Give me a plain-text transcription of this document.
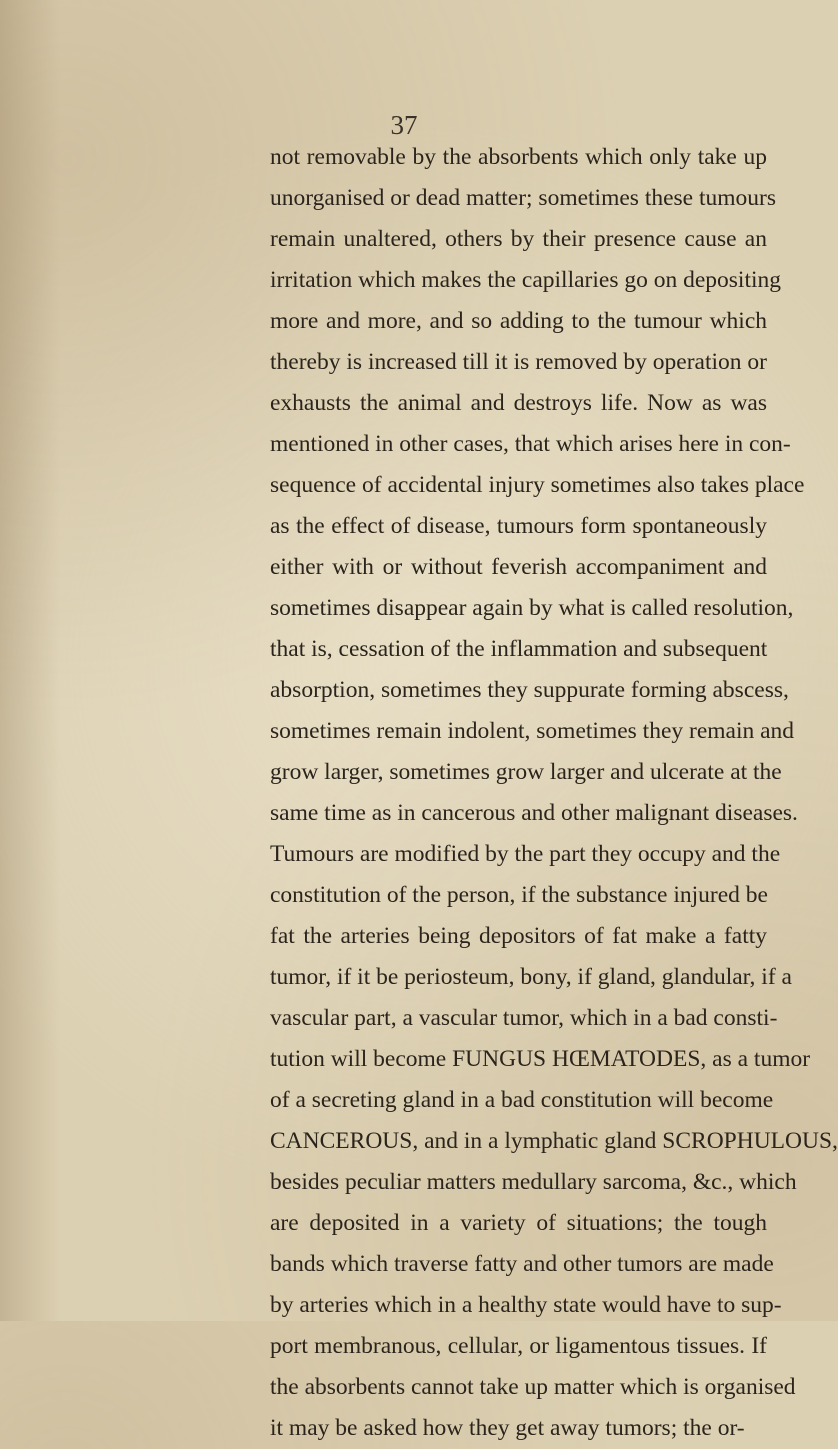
37
not removable by the absorbents which only take up
unorganised or dead matter; sometimes these tumours
remain unaltered, others by their presence cause an
irritation which makes the capillaries go on depositing
more and more, and so adding to the tumour which
thereby is increased till it is removed by operation or
exhausts the animal and destroys life. Now as was
mentioned in other cases, that which arises here in con-
sequence of accidental injury sometimes also takes place
as the effect of disease, tumours form spontaneously
either with or without feverish accompaniment and
sometimes disappear again by what is called resolution,
that is, cessation of the inflammation and subsequent
absorption, sometimes they suppurate forming abscess,
sometimes remain indolent, sometimes they remain and
grow larger, sometimes grow larger and ulcerate at the
same time as in cancerous and other malignant diseases.
Tumours are modified by the part they occupy and the
constitution of the person, if the substance injured be
fat the arteries being depositors of fat make a fatty
tumor, if it be periosteum, bony, if gland, glandular, if a
vascular part, a vascular tumor, which in a bad consti-
tution will become FUNGUS HŒMATODES, as a tumor
of a secreting gland in a bad constitution will become
CANCEROUS, and in a lymphatic gland SCROPHULOUS,
besides peculiar matters medullary sarcoma, &c., which
are deposited in a variety of situations; the tough
bands which traverse fatty and other tumors are made
by arteries which in a healthy state would have to sup-
port membranous, cellular, or ligamentous tissues. If
the absorbents cannot take up matter which is organised
it may be asked how they get away tumors; the or-
